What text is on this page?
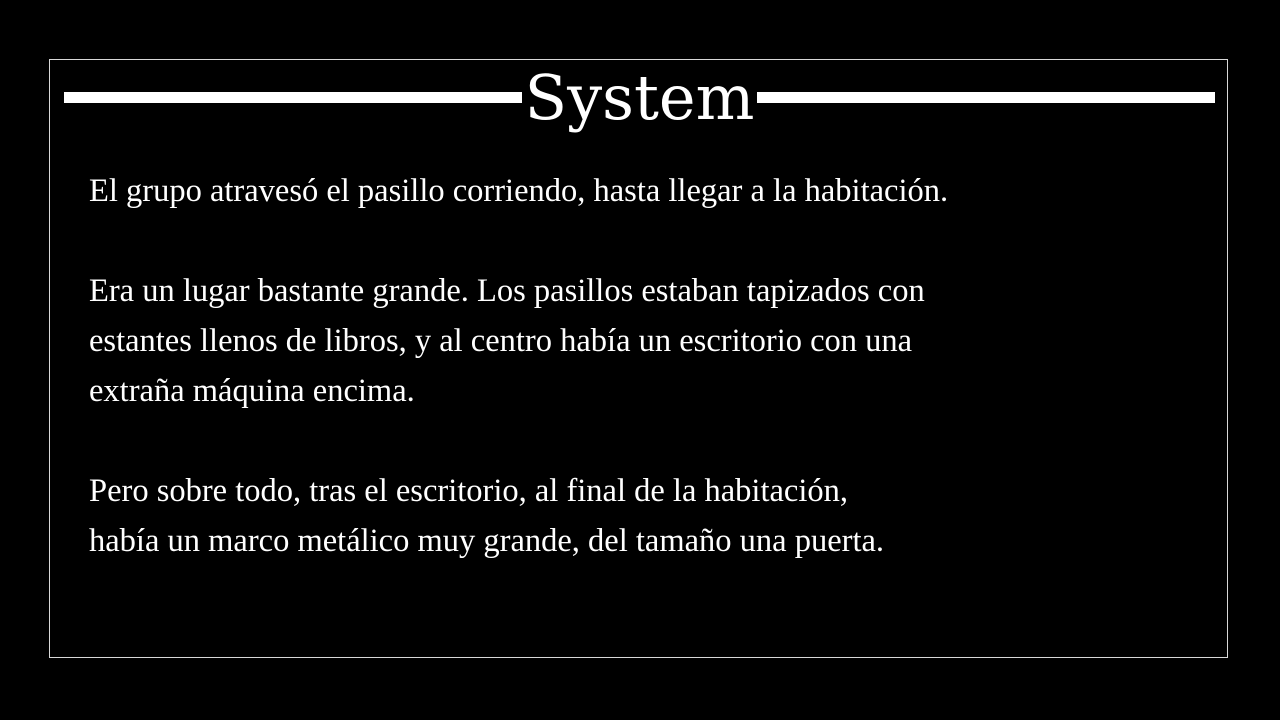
System
El grupo atravesó el pasillo corriendo, hasta llegar a la habitación.
Era un lugar bastante grande. Los pasillos estaban tapizados con
estantes llenos de libros, y al centro había un escritorio con una
extraña máquina encima.
Pero sobre todo, tras el escritorio, al final de la habitación,
había un marco metálico muy grande, del tamaño una puerta.
